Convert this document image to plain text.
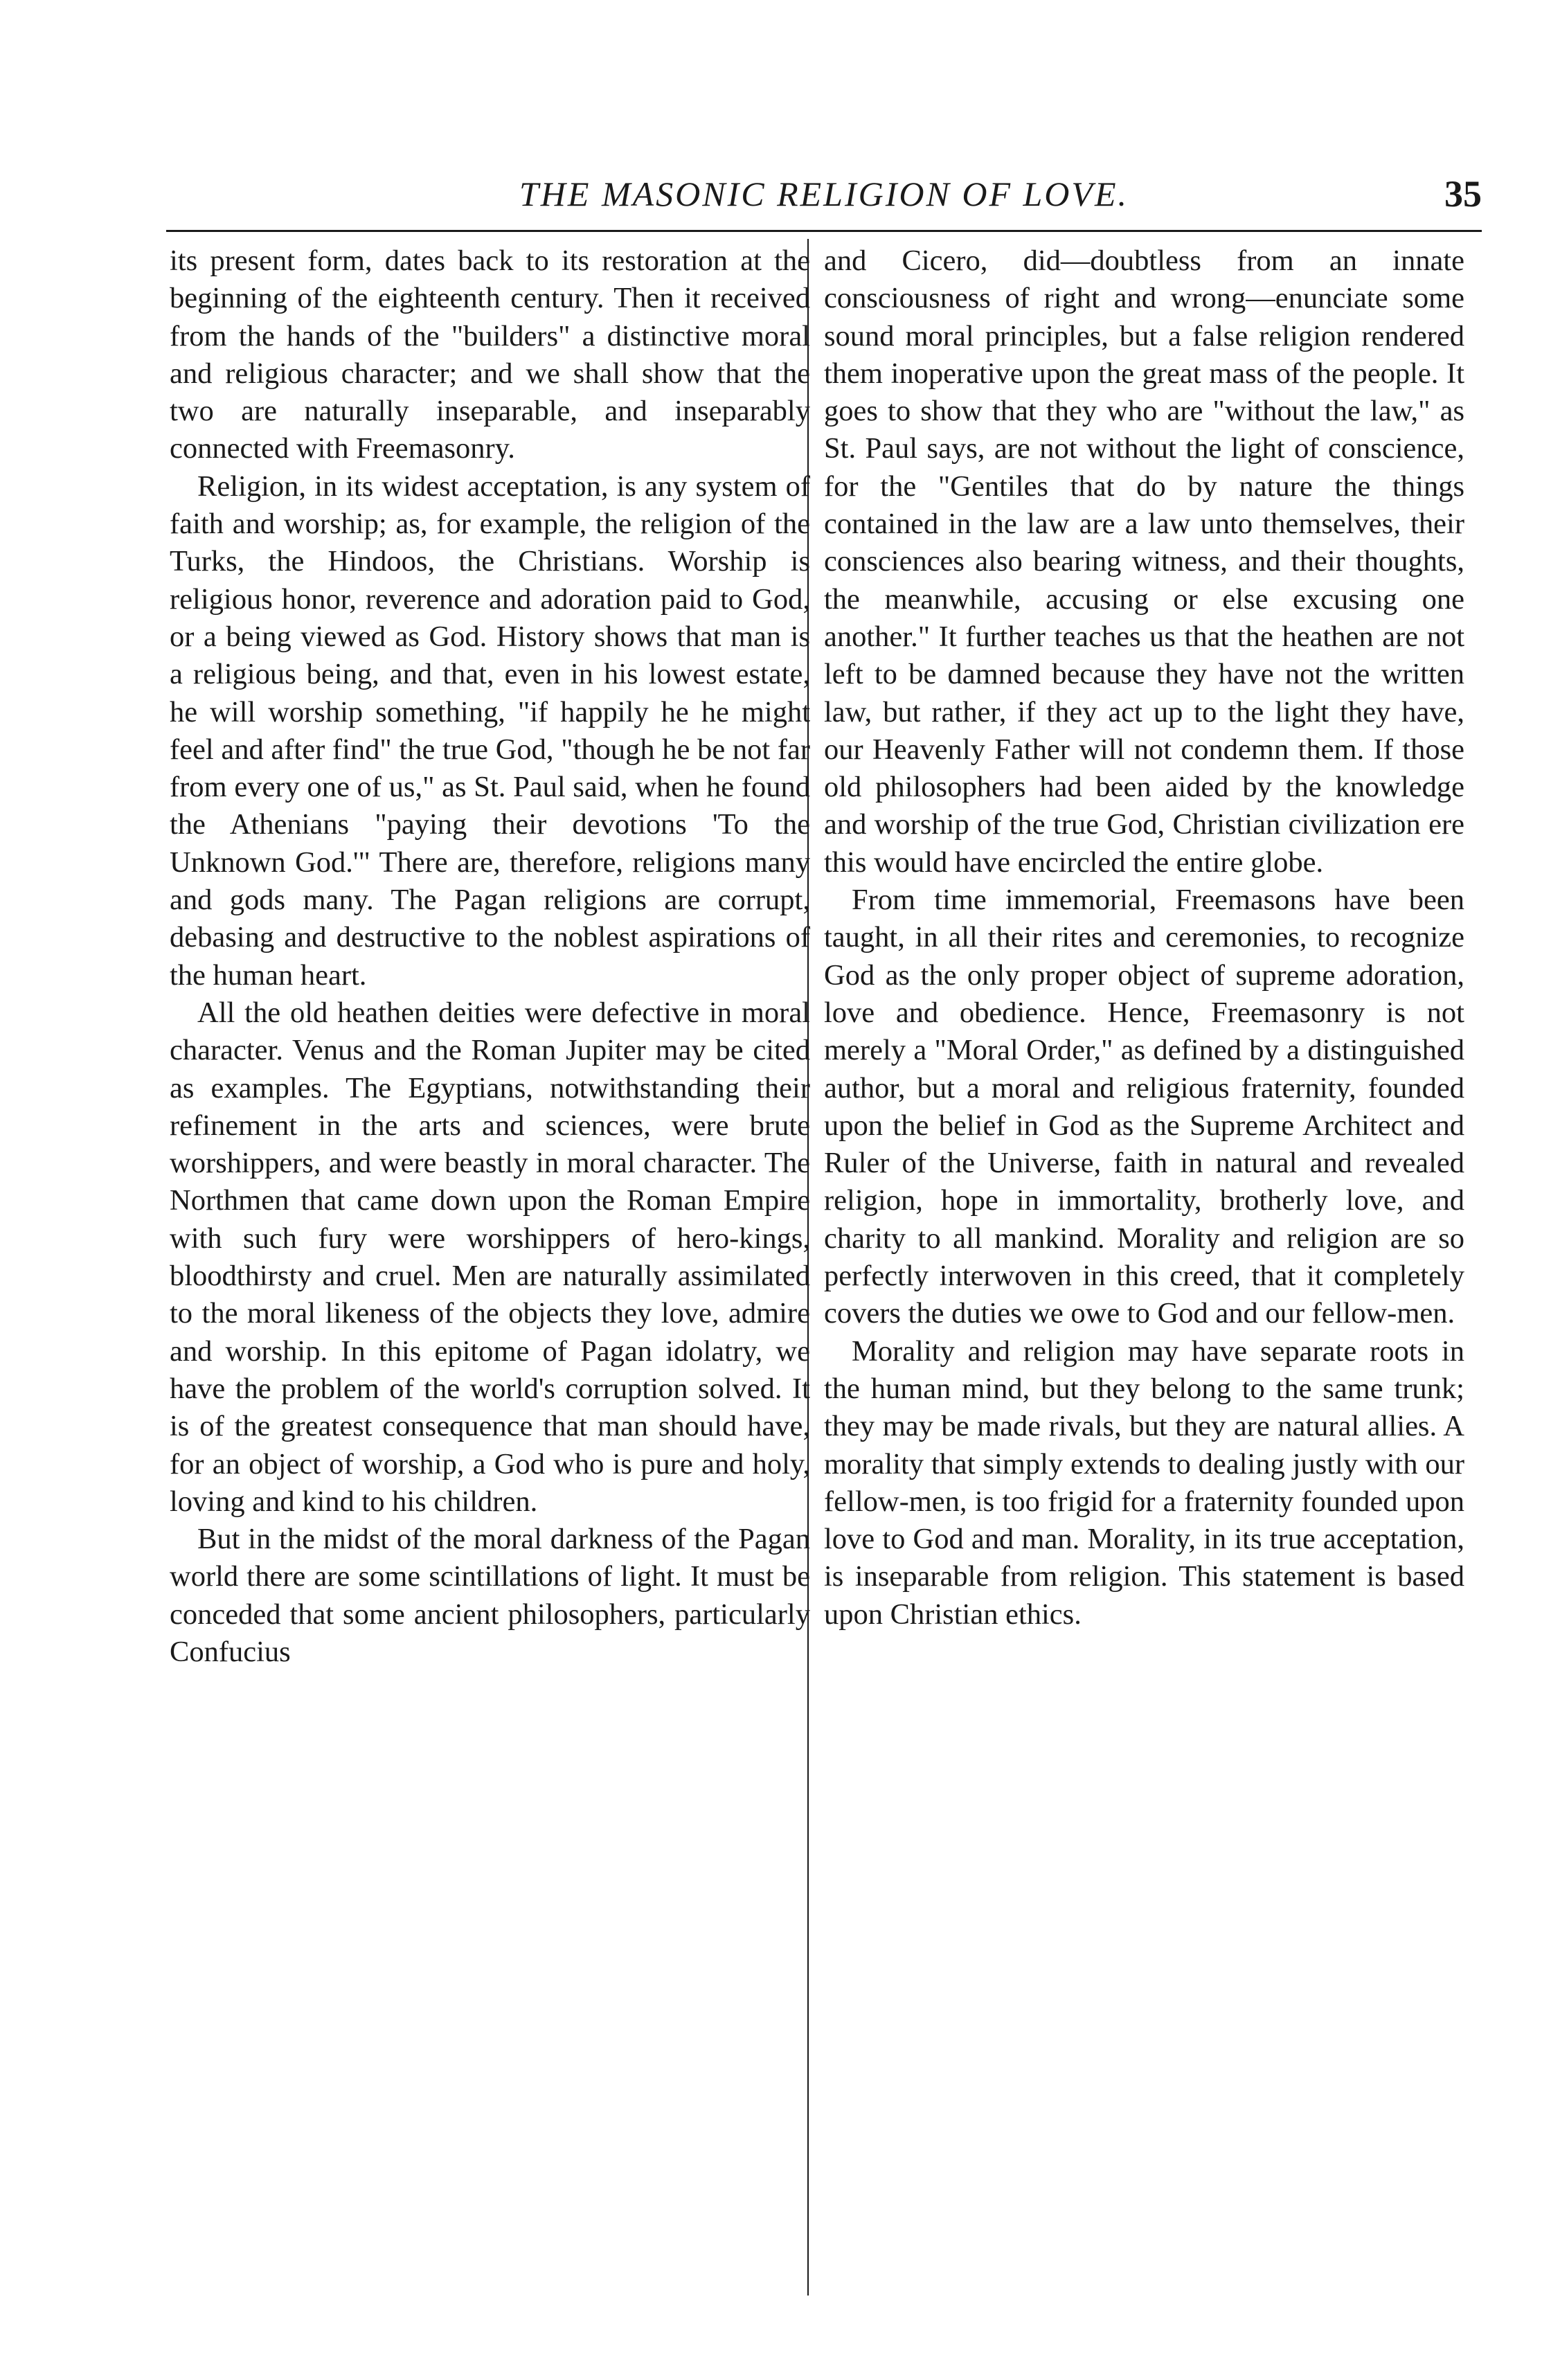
THE MASONIC RELIGION OF LOVE.	35

its present form, dates back to its restoration at the beginning of the eighteenth century. Then it received from the hands of the "builders" a distinctive moral and religious character; and we shall show that the two are naturally inseparable, and inseparably connected with Freemasonry.

Religion, in its widest acceptation, is any system of faith and worship; as, for example, the religion of the Turks, the Hindoos, the Christians. Worship is religious honor, reverence and adoration paid to God, or a being viewed as God. History shows that man is a religious being, and that, even in his lowest estate, he will worship something, "if happily he he might feel and after find" the true God, "though he be not far from every one of us," as St. Paul said, when he found the Athenians "paying their devotions 'To the Unknown God.'" There are, therefore, religions many and gods many. The Pagan religions are corrupt, debasing and destructive to the noblest aspirations of the human heart.

All the old heathen deities were defective in moral character. Venus and the Roman Jupiter may be cited as examples. The Egyptians, notwithstanding their refinement in the arts and sciences, were brute worshippers, and were beastly in moral character. The Northmen that came down upon the Roman Empire with such fury were worshippers of hero-kings, bloodthirsty and cruel. Men are naturally assimilated to the moral likeness of the objects they love, admire and worship. In this epitome of Pagan idolatry, we have the problem of the world's corruption solved. It is of the greatest consequence that man should have, for an object of worship, a God who is pure and holy, loving and kind to his children.

But in the midst of the moral darkness of the Pagan world there are some scintillations of light. It must be conceded that some ancient philosophers, particularly Confucius

and Cicero, did—doubtless from an innate consciousness of right and wrong—enunciate some sound moral principles, but a false religion rendered them inoperative upon the great mass of the people. It goes to show that they who are "without the law," as St. Paul says, are not without the light of conscience, for the "Gentiles that do by nature the things contained in the law are a law unto themselves, their consciences also bearing witness, and their thoughts, the meanwhile, accusing or else excusing one another." It further teaches us that the heathen are not left to be damned because they have not the written law, but rather, if they act up to the light they have, our Heavenly Father will not condemn them. If those old philosophers had been aided by the knowledge and worship of the true God, Christian civilization ere this would have encircled the entire globe.

From time immemorial, Freemasons have been taught, in all their rites and ceremonies, to recognize God as the only proper object of supreme adoration, love and obedience. Hence, Freemasonry is not merely a "Moral Order," as defined by a distinguished author, but a moral and religious fraternity, founded upon the belief in God as the Supreme Architect and Ruler of the Universe, faith in natural and revealed religion, hope in immortality, brotherly love, and charity to all mankind. Morality and religion are so perfectly interwoven in this creed, that it completely covers the duties we owe to God and our fellow-men.

Morality and religion may have separate roots in the human mind, but they belong to the same trunk; they may be made rivals, but they are natural allies. A morality that simply extends to dealing justly with our fellow-men, is too frigid for a fraternity founded upon love to God and man. Morality, in its true acceptation, is inseparable from religion. This statement is based upon Christian ethics.
